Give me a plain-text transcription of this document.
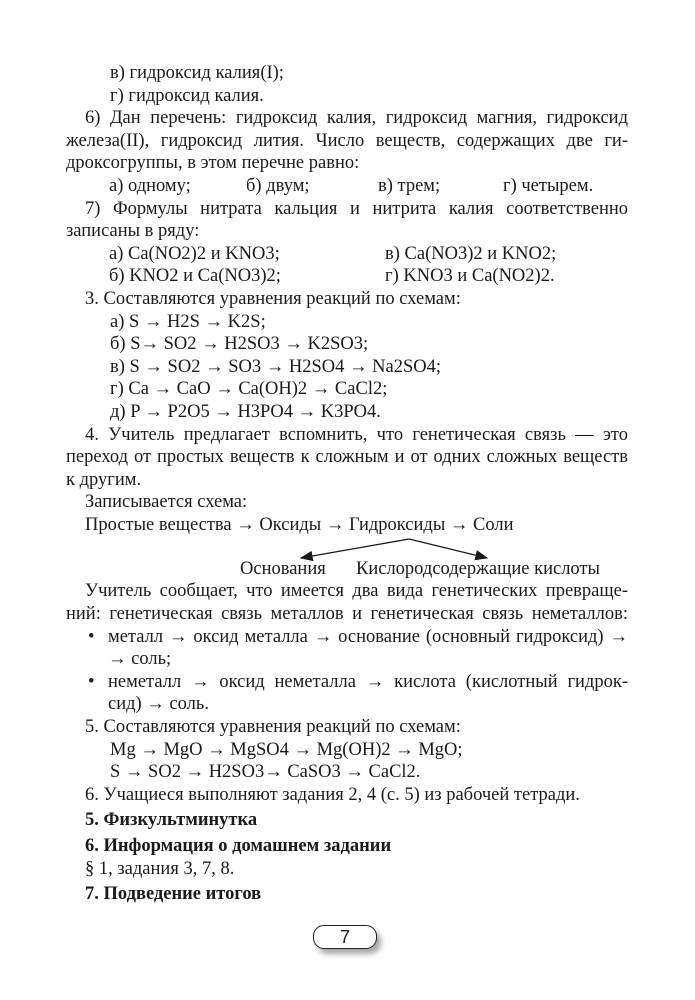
в) гидроксид калия(I);
г) гидроксид калия.
6) Дан перечень: гидроксид калия, гидроксид магния, гидроксид
железа(II), гидроксид лития. Число веществ, содержащих две ги-
дроксогруппы, в этом перечне равно:
а) одному;	б) двум;	в) трем;	г) четырем.
7) Формулы нитрата кальция и нитрита калия соответственно
записаны в ряду:
а) Ca(NO2)2 и KNO3;	в) Ca(NO3)2 и KNO2;
б) KNO2 и Ca(NO3)2;	г) KNO3 и Ca(NO2)2.
3. Составляются уравнения реакций по схемам:
а) S → H2S → K2S;
б) S→ SO2 → H2SO3 → K2SO3;
в) S → SO2 → SO3 → H2SO4 → Na2SO4;
г) Ca → CaO → Ca(OH)2 → CaCl2;
д) P → P2O5 → H3PO4 → K3PO4.
4. Учитель предлагает вспомнить, что генетическая связь — это
переход от простых веществ к сложным и от одних сложных веществ
к другим.
Записывается схема:
Простые вещества → Оксиды → Гидроксиды → Соли
Основания Кислородсодержащие кислоты
Учитель сообщает, что имеется два вида генетических превраще-
ний: генетическая связь металлов и генетическая связь неметаллов:
• металл → оксид металла → основание (основный гидроксид) →
→ соль;
• неметалл → оксид неметалла → кислота (кислотный гидрок-
сид) → соль.
5. Составляются уравнения реакций по схемам:
Mg → MgO → MgSO4 → Mg(OH)2 → MgO;
S → SO2 → H2SO3→ CaSO3 → CaCl2.
6. Учащиеся выполняют задания 2, 4 (с. 5) из рабочей тетради.
5. Физкультминутка
6. Информация о домашнем задании
§ 1, задания 3, 7, 8.
7. Подведение итогов
7
